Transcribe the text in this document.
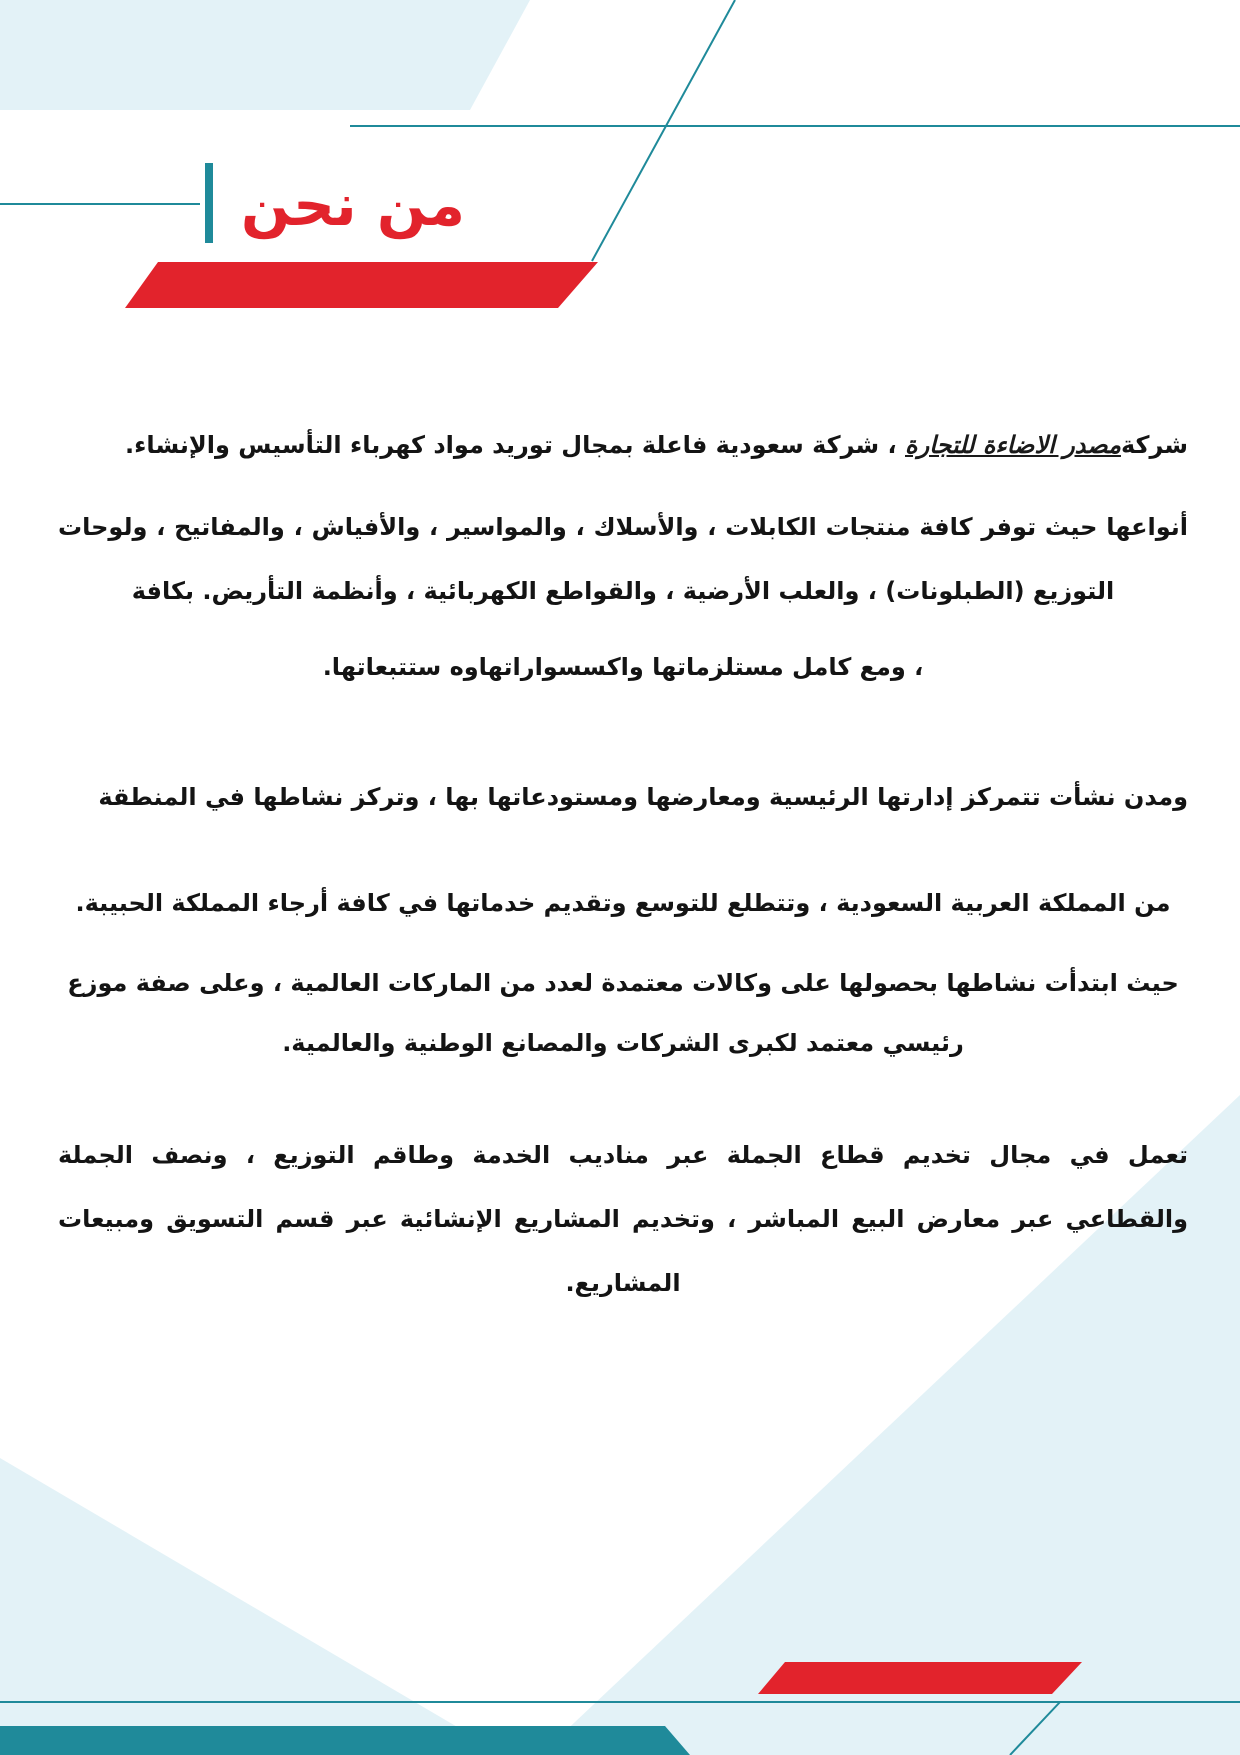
من نحن

شركةمصدر الاضاءة للتجارة ، شركة سعودية فاعلة بمجال توريد مواد كهرباء التأسيس والإنشاء.

أنواعها حيث توفر كافة منتجات الكابلات ، والأسلاك ، والمواسير ، والأفياش ، والمفاتيح ، ولوحات التوزيع (الطبلونات) ، والعلب الأرضية ، والقواطع الكهربائية ، وأنظمة التأريض. بكافة

، ومع كامل مستلزماتها واكسسواراتهاوه ستتبعاتها.

ومدن نشأت تتمركز إدارتها الرئيسية ومعارضها ومستودعاتها بها ، وتركز نشاطها في المنطقة

من المملكة العربية السعودية ، وتتطلع للتوسع وتقديم خدماتها في كافة أرجاء المملكة الحبيبة.

حيث ابتدأت نشاطها بحصولها على وكالات معتمدة لعدد من الماركات العالمية ، وعلى صفة موزع رئيسي معتمد لكبرى الشركات والمصانع الوطنية والعالمية.

تعمل في مجال تخديم قطاع الجملة عبر مناديب الخدمة وطاقم التوزيع ، ونصف الجملة والقطاعي عبر معارض البيع المباشر ، وتخديم المشاريع الإنشائية عبر قسم التسويق ومبيعات المشاريع.
